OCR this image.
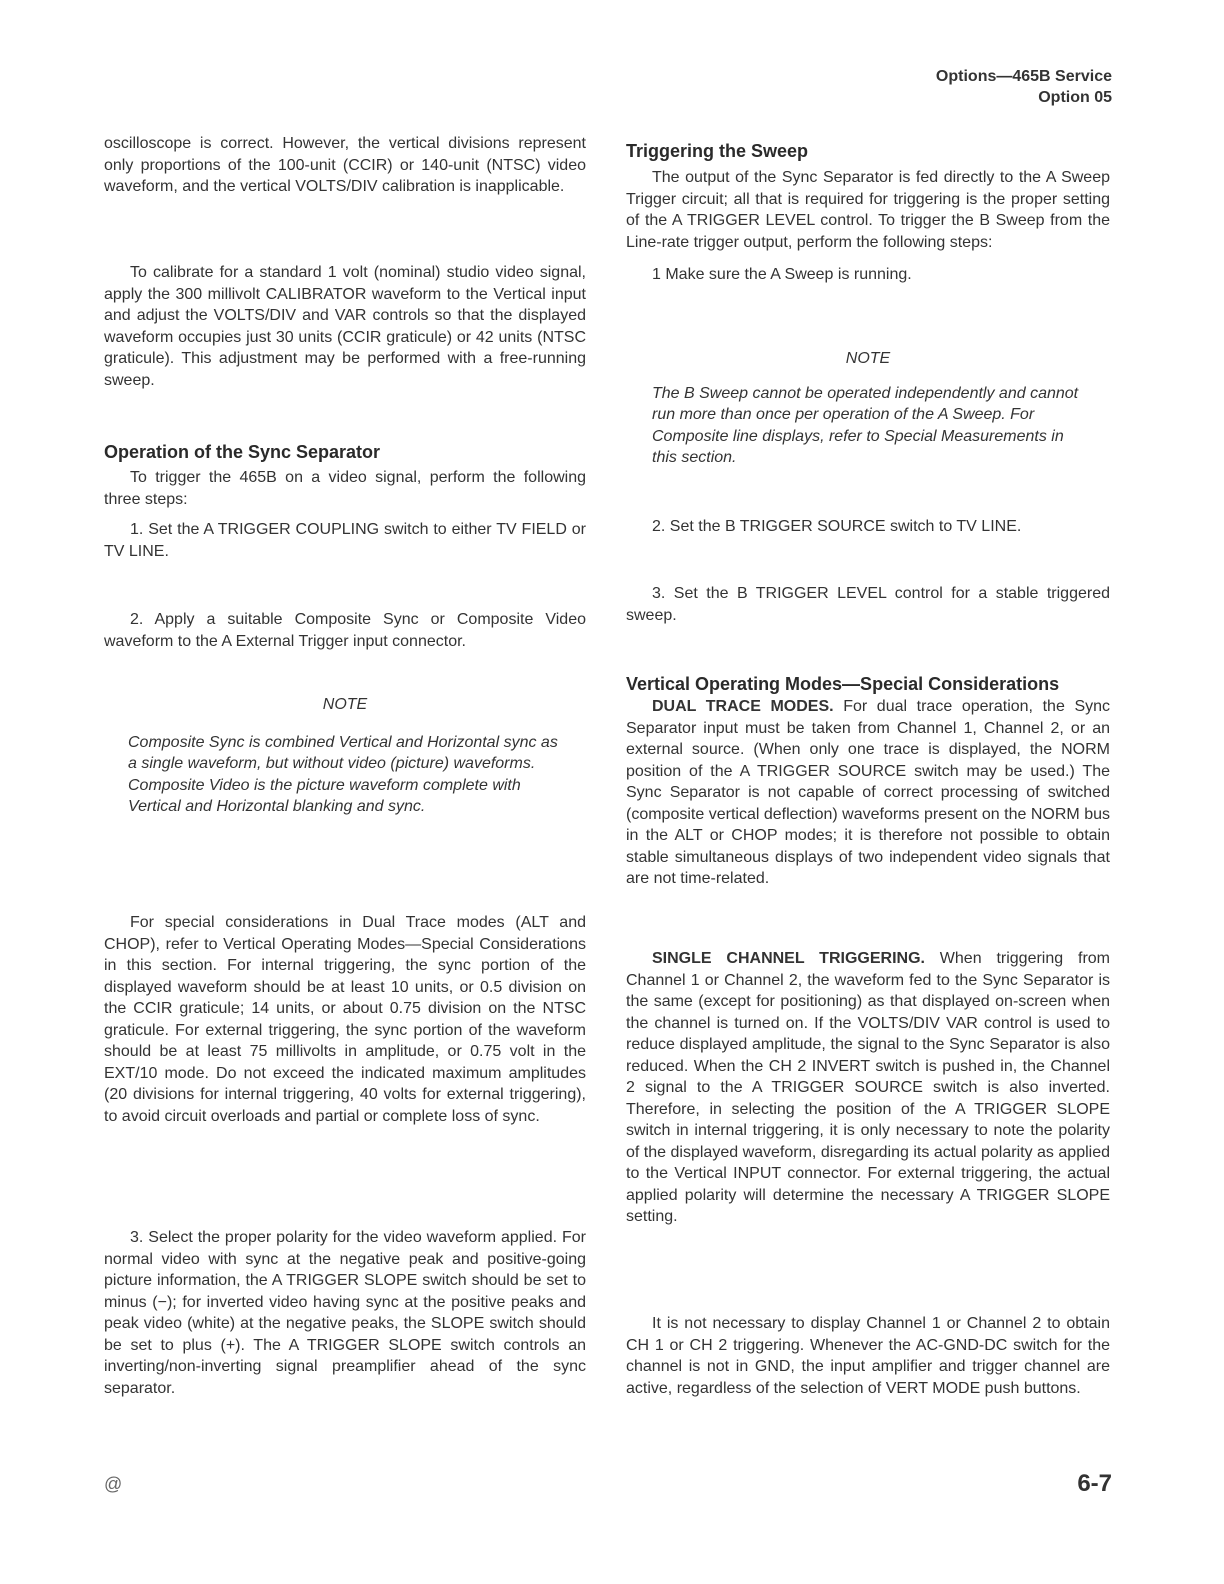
Options—465B Service
Option 05

oscilloscope is correct. However, the vertical divisions represent only proportions of the 100-unit (CCIR) or 140-unit (NTSC) video waveform, and the vertical VOLTS/DIV calibration is inapplicable.

To calibrate for a standard 1 volt (nominal) studio video signal, apply the 300 millivolt CALIBRATOR waveform to the Vertical input and adjust the VOLTS/DIV and VAR controls so that the displayed waveform occupies just 30 units (CCIR graticule) or 42 units (NTSC graticule). This adjustment may be performed with a free-running sweep.

Operation of the Sync Separator

To trigger the 465B on a video signal, perform the following three steps:

1. Set the A TRIGGER COUPLING switch to either TV FIELD or TV LINE.

2. Apply a suitable Composite Sync or Composite Video waveform to the A External Trigger input connector.

NOTE

Composite Sync is combined Vertical and Horizontal sync as a single waveform, but without video (picture) waveforms. Composite Video is the picture waveform complete with Vertical and Horizontal blanking and sync.

For special considerations in Dual Trace modes (ALT and CHOP), refer to Vertical Operating Modes—Special Considerations in this section. For internal triggering, the sync portion of the displayed waveform should be at least 10 units, or 0.5 division on the CCIR graticule; 14 units, or about 0.75 division on the NTSC graticule. For external triggering, the sync portion of the waveform should be at least 75 millivolts in amplitude, or 0.75 volt in the EXT/10 mode. Do not exceed the indicated maximum amplitudes (20 divisions for internal triggering, 40 volts for external triggering), to avoid circuit overloads and partial or complete loss of sync.

3. Select the proper polarity for the video waveform applied. For normal video with sync at the negative peak and positive-going picture information, the A TRIGGER SLOPE switch should be set to minus (−); for inverted video having sync at the positive peaks and peak video (white) at the negative peaks, the SLOPE switch should be set to plus (+). The A TRIGGER SLOPE switch controls an inverting/non-inverting signal preamplifier ahead of the sync separator.

Triggering the Sweep

The output of the Sync Separator is fed directly to the A Sweep Trigger circuit; all that is required for triggering is the proper setting of the A TRIGGER LEVEL control. To trigger the B Sweep from the Line-rate trigger output, perform the following steps:

1 Make sure the A Sweep is running.

NOTE

The B Sweep cannot be operated independently and cannot run more than once per operation of the A Sweep. For Composite line displays, refer to Special Measurements in this section.

2. Set the B TRIGGER SOURCE switch to TV LINE.

3. Set the B TRIGGER LEVEL control for a stable triggered sweep.

Vertical Operating Modes—Special Considerations

DUAL TRACE MODES. For dual trace operation, the Sync Separator input must be taken from Channel 1, Channel 2, or an external source. (When only one trace is displayed, the NORM position of the A TRIGGER SOURCE switch may be used.) The Sync Separator is not capable of correct processing of switched (composite vertical deflection) waveforms present on the NORM bus in the ALT or CHOP modes; it is therefore not possible to obtain stable simultaneous displays of two independent video signals that are not time-related.

SINGLE CHANNEL TRIGGERING. When triggering from Channel 1 or Channel 2, the waveform fed to the Sync Separator is the same (except for positioning) as that displayed on-screen when the channel is turned on. If the VOLTS/DIV VAR control is used to reduce displayed amplitude, the signal to the Sync Separator is also reduced. When the CH 2 INVERT switch is pushed in, the Channel 2 signal to the A TRIGGER SOURCE switch is also inverted. Therefore, in selecting the position of the A TRIGGER SLOPE switch in internal triggering, it is only necessary to note the polarity of the displayed waveform, disregarding its actual polarity as applied to the Vertical INPUT connector. For external triggering, the actual applied polarity will determine the necessary A TRIGGER SLOPE setting.

It is not necessary to display Channel 1 or Channel 2 to obtain CH 1 or CH 2 triggering. Whenever the AC-GND-DC switch for the channel is not in GND, the input amplifier and trigger channel are active, regardless of the selection of VERT MODE push buttons.

@	6-7
